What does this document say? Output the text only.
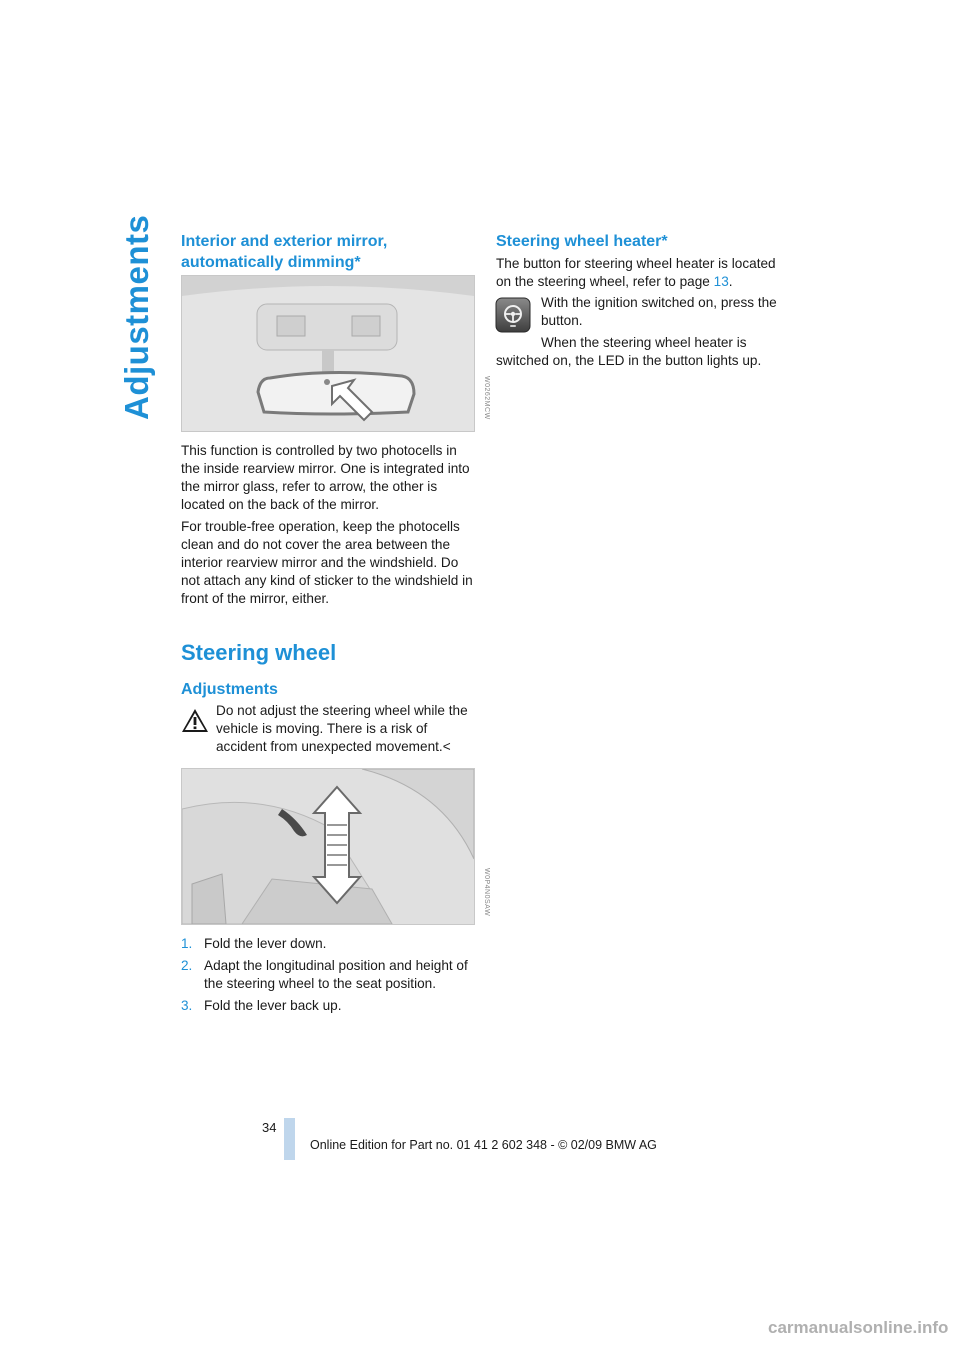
Adjustments Interior and exterior mirror, automatically dimming*
W0262MCW

This function is controlled by two photocells in the inside rearview mirror. One is integrated into the mirror glass, refer to arrow, the other is located on the back of the mirror.

For trouble-free operation, keep the photocells clean and do not cover the area between the interior rearview mirror and the windshield. Do not attach any kind of sticker to the windshield in front of the mirror, either.

Steering wheel
Adjustments

Do not adjust the steering wheel while the vehicle is moving. There is a risk of accident from unexpected movement.<

W0P4N0SAW
1. Fold the lever down.
2. Adapt the longitudinal position and height of the steering wheel to the seat position.
3. Fold the lever back up.
Steering wheel heater*

The button for steering wheel heater is located on the steering wheel, refer to page 13.

With the ignition switched on, press the button.

When the steering wheel heater is switched on, the LED in the button lights up.

34
Online Edition for Part no. 01 41 2 602 348 - © 02/09 BMW AG
carmanualsonline.info
